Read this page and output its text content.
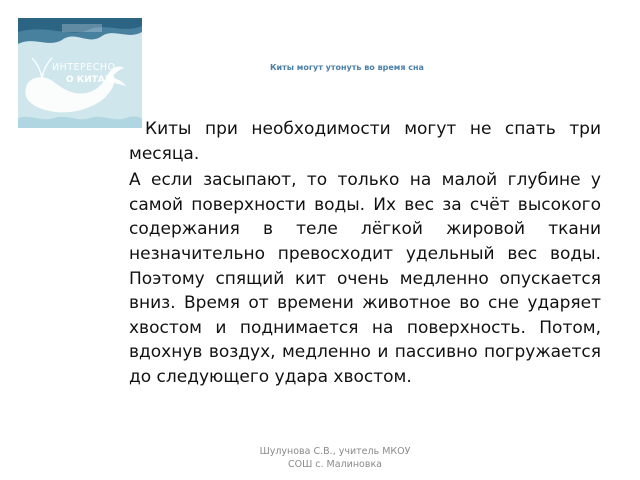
ИНТЕРЕСНО
О КИТАХ
Киты могут утонуть во время сна

Киты при необходимости могут не спать три месяца.

А если засыпают, то только на малой глубине у самой поверхности воды. Их вес за счёт высокого содержания в теле лёгкой жировой ткани незначительно превосходит удельный вес воды. Поэтому спящий кит очень медленно опускается вниз. Время от времени животное во сне ударяет хвостом и поднимается на поверхность. Потом, вдохнув воздух, медленно и пассивно погружается до следующего удара хвостом.

Шулунова С.В., учитель МКОУ
СОШ с. Малиновка
